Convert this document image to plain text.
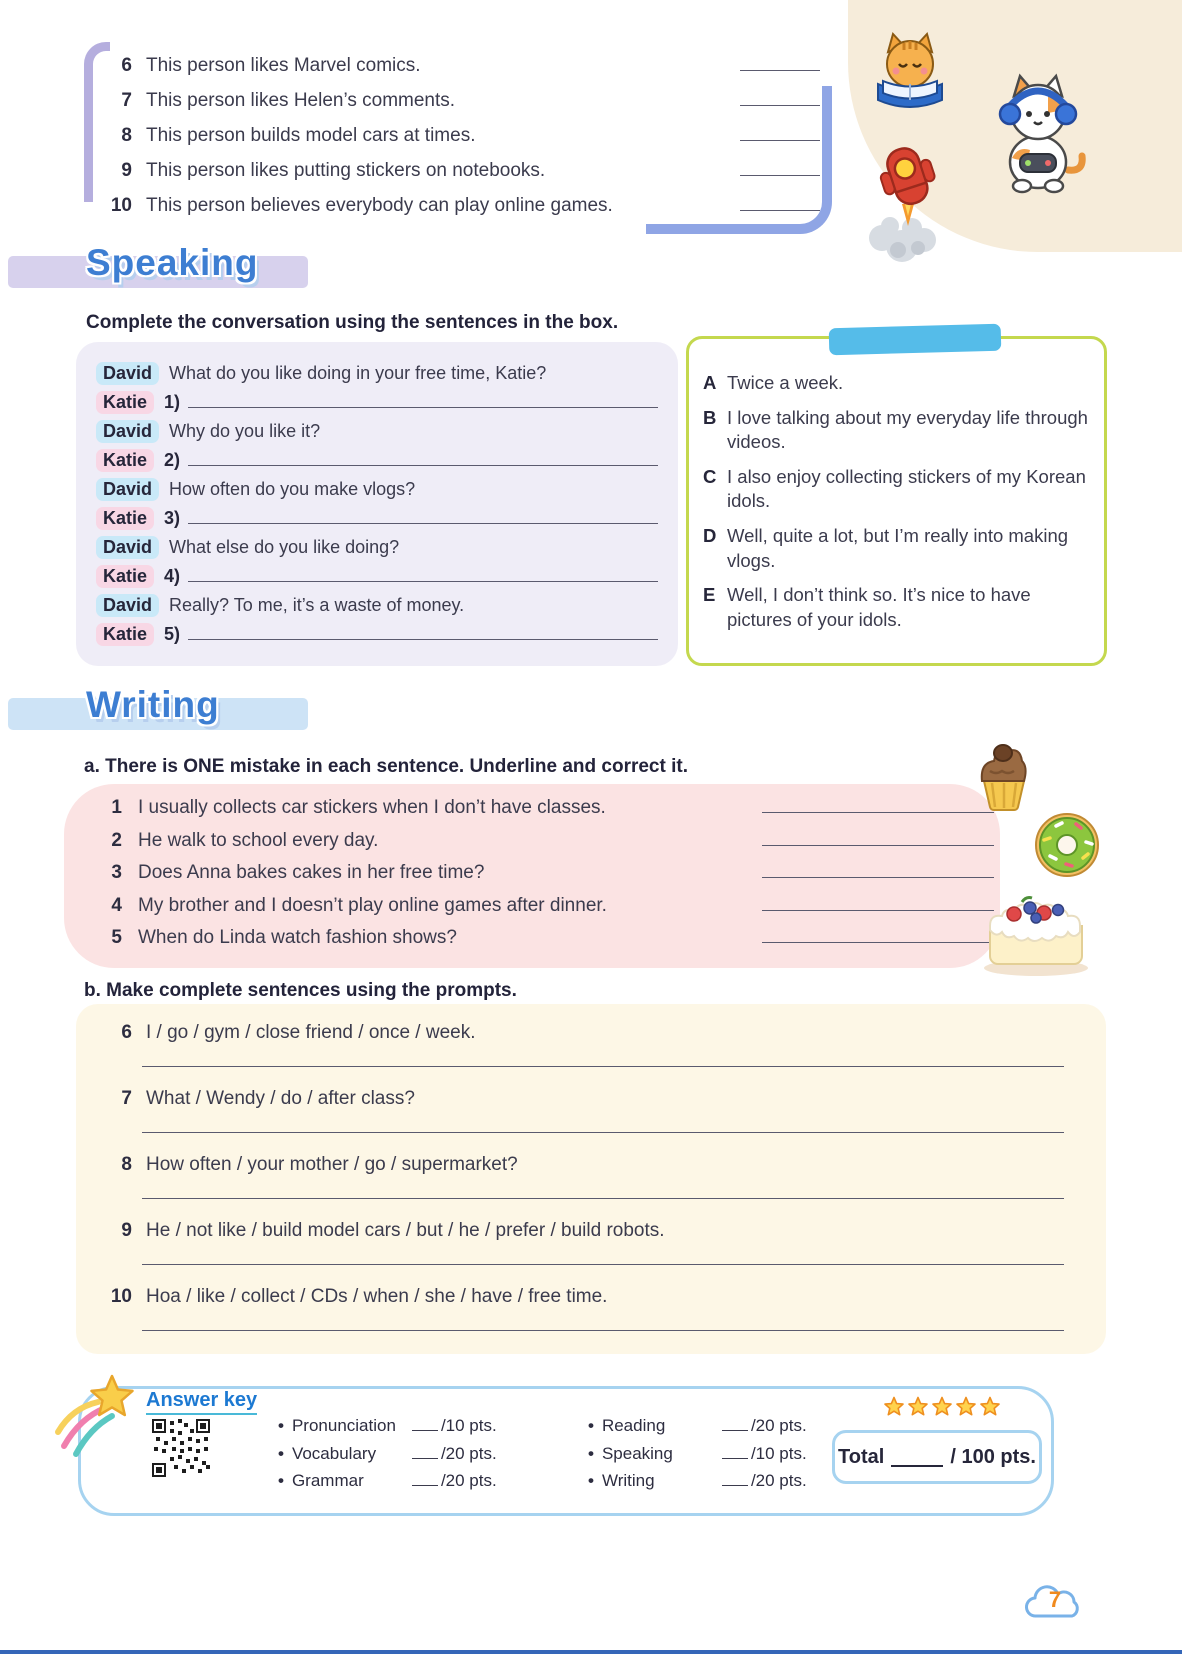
6 This person likes Marvel comics.
7 This person likes Helen’s comments.
8 This person builds model cars at times.
9 This person likes putting stickers on notebooks.
10 This person believes everybody can play online games.
Speaking
Complete the conversation using the sentences in the box.
David What do you like doing in your free time, Katie?
Katie 1)
David Why do you like it?
Katie 2)
David How often do you make vlogs?
Katie 3)
David What else do you like doing?
Katie 4)
David Really? To me, it’s a waste of money.
Katie 5)
A Twice a week.
B I love talking about my everyday life through videos.
C I also enjoy collecting stickers of my Korean idols.
D Well, quite a lot, but I’m really into making vlogs.
E Well, I don’t think so. It’s nice to have pictures of your idols.
Writing
a. There is ONE mistake in each sentence. Underline and correct it.
1 I usually collects car stickers when I don’t have classes.
2 He walk to school every day.
3 Does Anna bakes cakes in her free time?
4 My brother and I doesn’t play online games after dinner.
5 When do Linda watch fashion shows?
b. Make complete sentences using the prompts.
6 I / go / gym / close friend / once / week.
7 What / Wendy / do / after class?
8 How often / your mother / go / supermarket?
9 He / not like / build model cars / but / he / prefer / build robots.
10 Hoa / like / collect / CDs / when / she / have / free time.
Answer key
• Pronunciation	/10 pts.
• Vocabulary	/20 pts.
• Grammar	/20 pts.
• Reading	/20 pts.
• Speaking	/10 pts.
• Writing	/20 pts.
Total	/ 100 pts.
7
